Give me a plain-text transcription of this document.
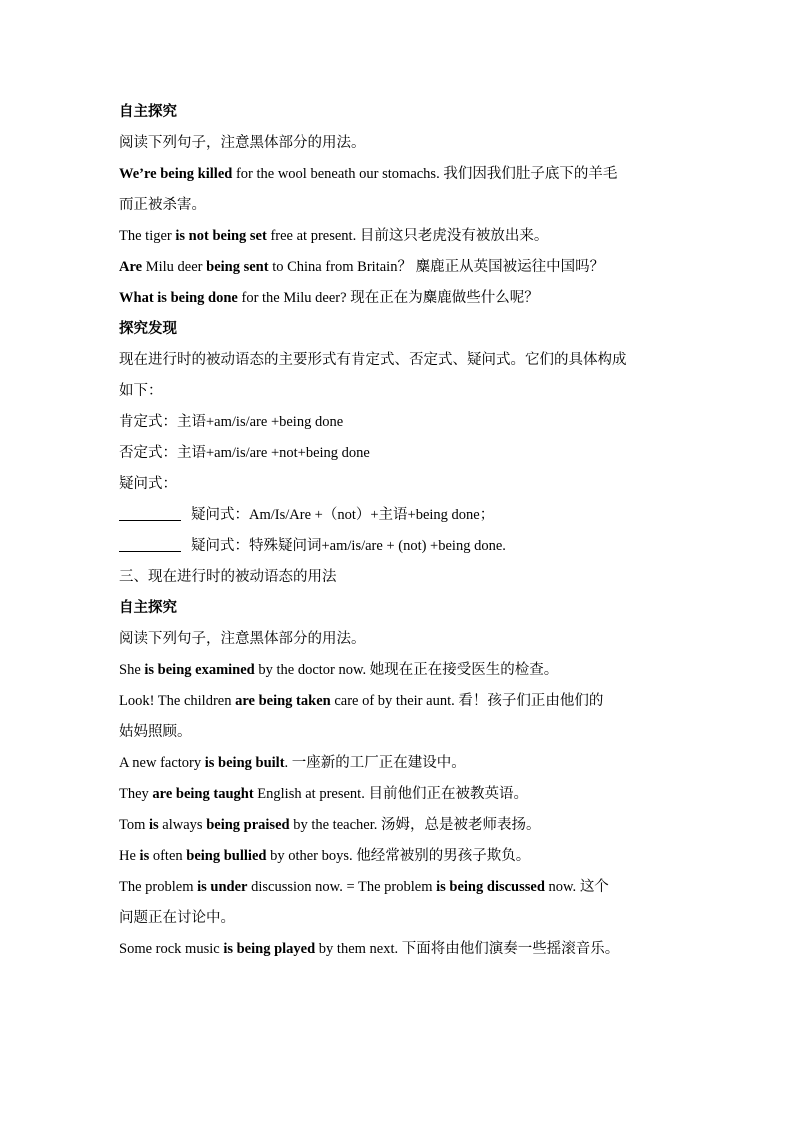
自主探究
阅读下列句子，注意黑体部分的用法。
We’re being killed for the wool beneath our stomachs. 我们因我们肚子底下的羊毛
而正被杀害。
The tiger is not being set free at present. 目前这只老虎没有被放出来。
Are Milu deer being sent to China from Britain？ 麋鹿正从英国被运往中国吗？
What is being done for the Milu deer? 现在正在为麋鹿做些什么呢？
探究发现
现在进行时的被动语态的主要形式有肯定式、否定式、疑问式。它们的具体构成
如下：
肯定式：主语+am/is/are +being done
否定式：主语+am/is/are +not+being done
疑问式：
疑问式：Am/Is/Are +（not）+主语+being done；
疑问式：特殊疑问词+am/is/are + (not) +being done.
三、现在进行时的被动语态的用法
自主探究
阅读下列句子，注意黑体部分的用法。
She is being examined by the doctor now. 她现在正在接受医生的检查。
Look! The children are being taken care of by their aunt. 看！孩子们正由他们的
姑妈照顾。
A new factory is being built. 一座新的工厂正在建设中。
They are being taught English at present. 目前他们正在被教英语。
Tom is always being praised by the teacher. 汤姆，总是被老师表扬。
He is often being bullied by other boys. 他经常被别的男孩子欺负。
The problem is under discussion now. = The problem is being discussed now. 这个
问题正在讨论中。
Some rock music is being played by them next. 下面将由他们演奏一些摇滚音乐。
